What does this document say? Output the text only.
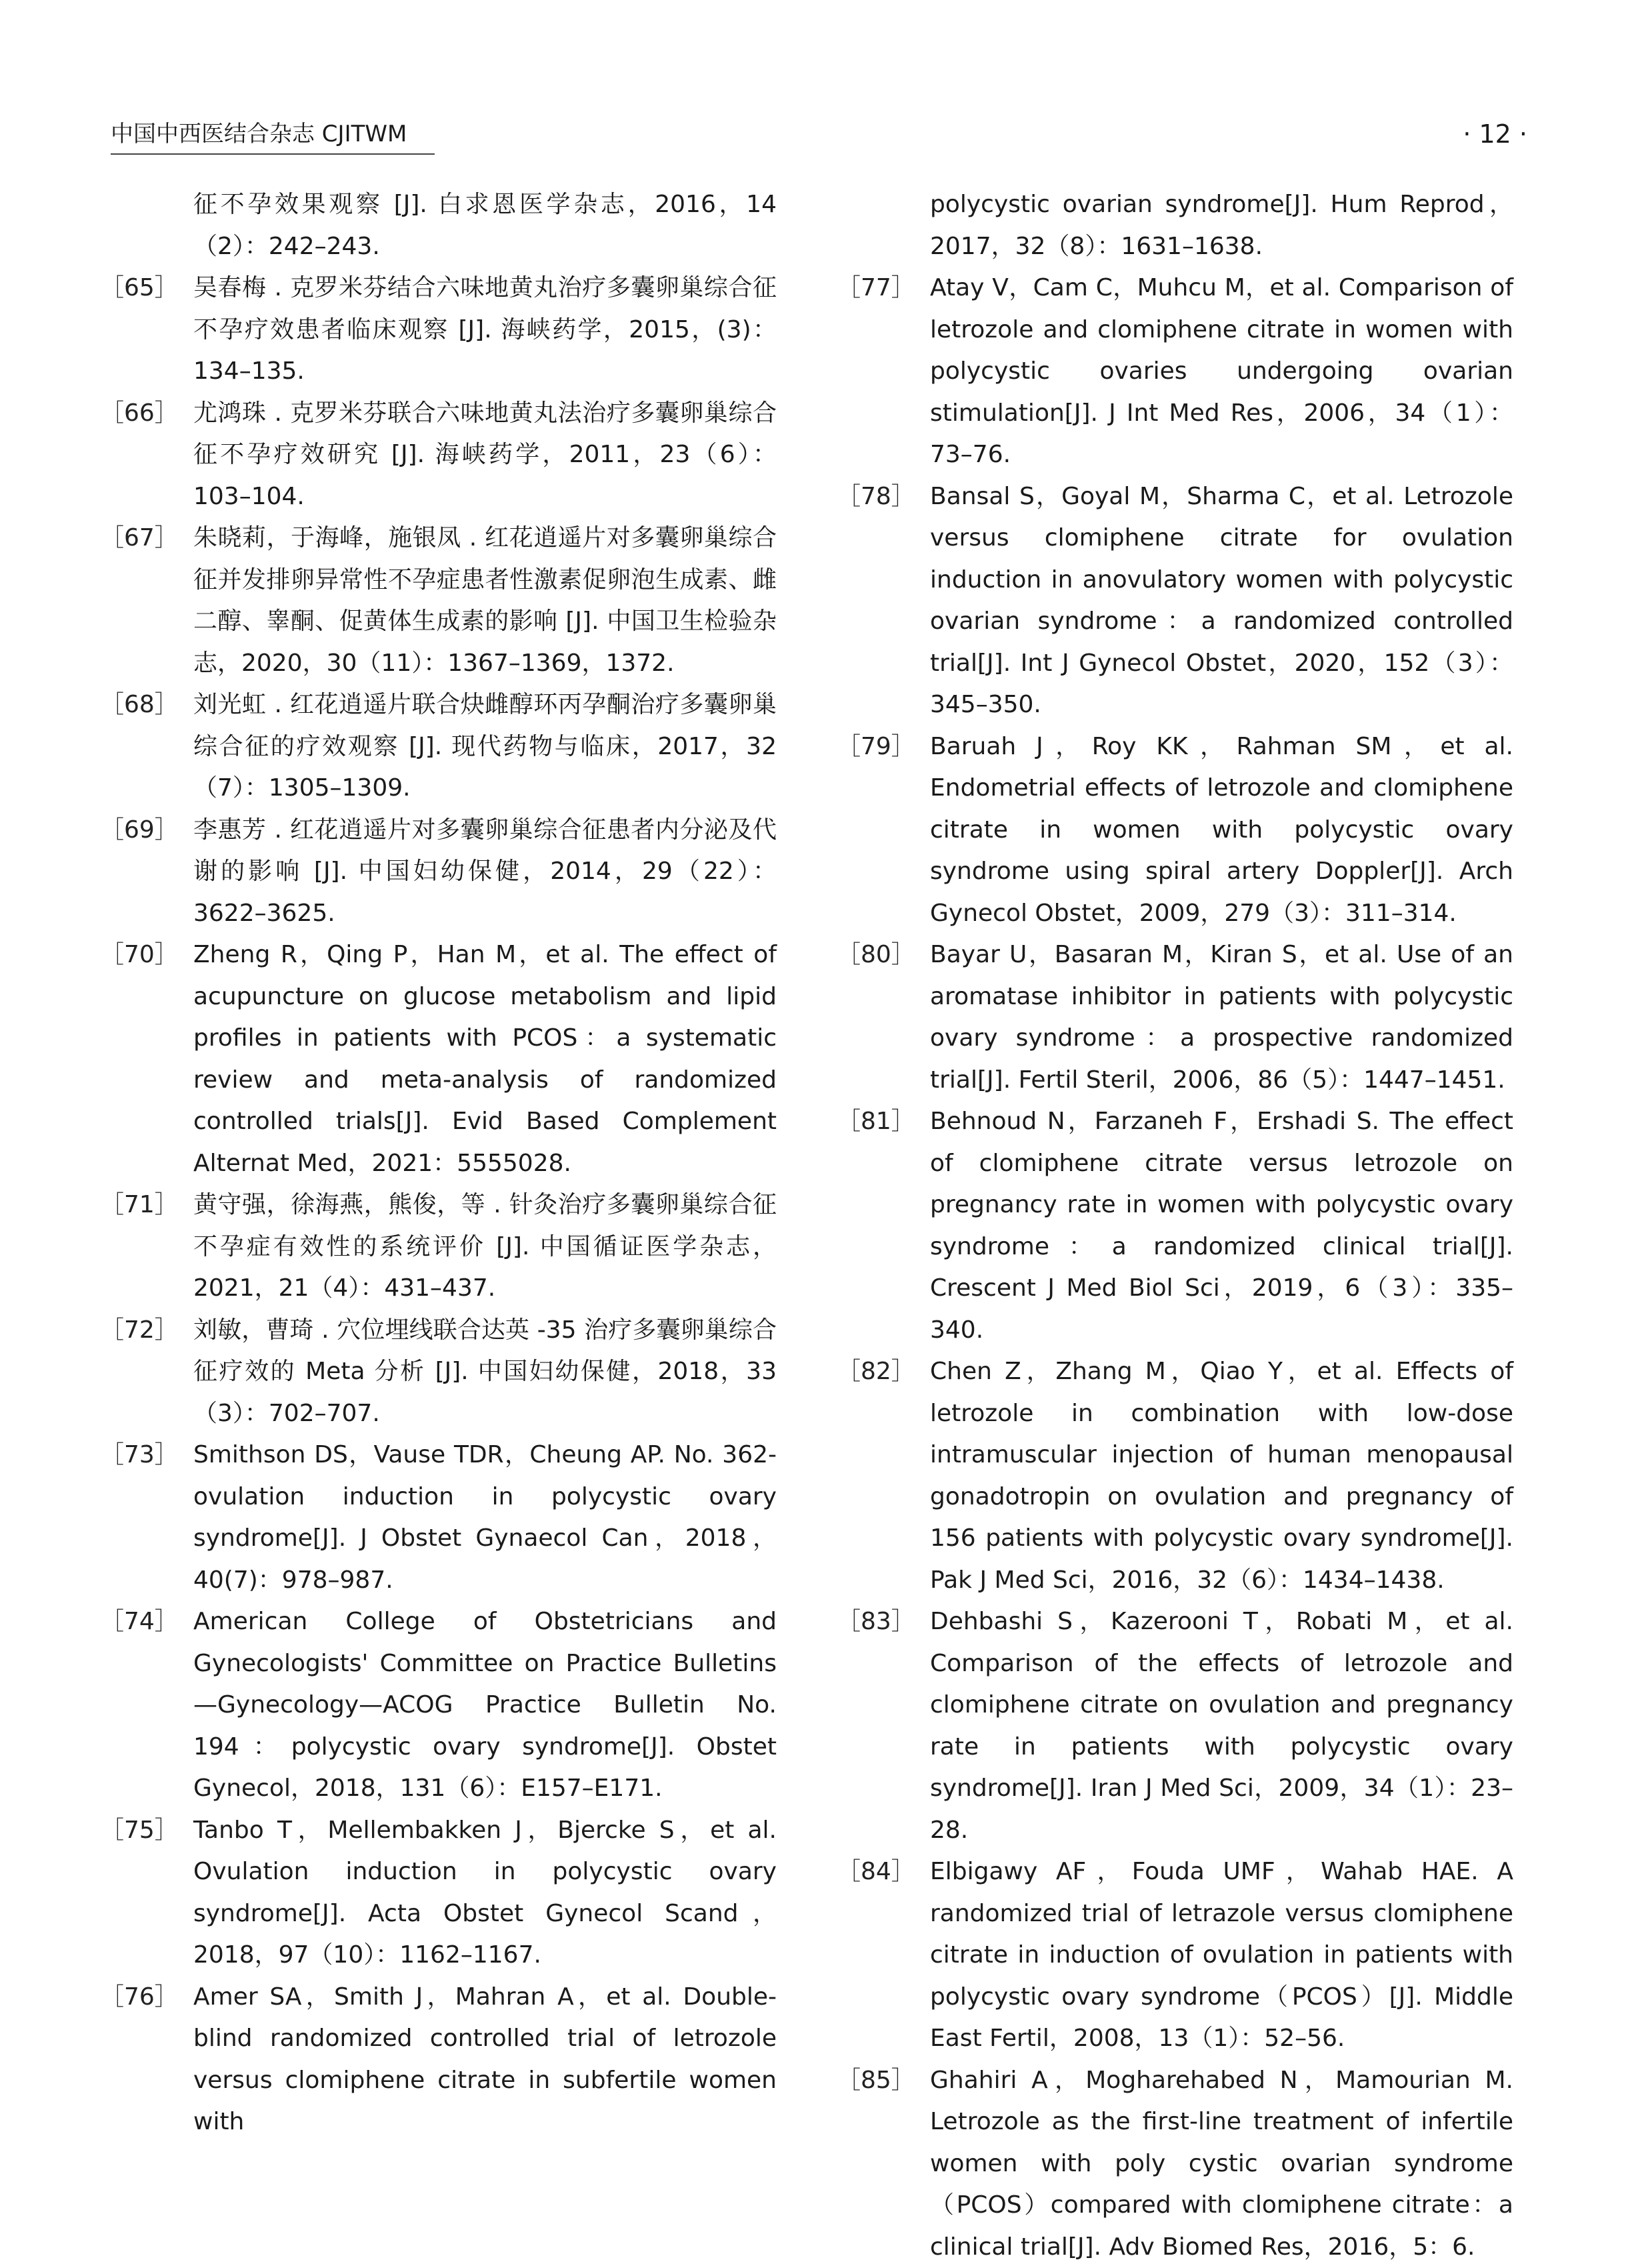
中国中西医结合杂志 CJITWM	· 12 ·
征不孕效果观察 [J]. 白求恩医学杂志，2016，14（2）：242–243.
［65］ 吴春梅 . 克罗米芬结合六味地黄丸治疗多囊卵巢综合征不孕疗效患者临床观察 [J]. 海峡药学，2015，(3)：134–135.
［66］ 尤鸿珠 . 克罗米芬联合六味地黄丸法治疗多囊卵巢综合征不孕疗效研究 [J]. 海峡药学，2011，23（6）：103–104.
［67］ 朱晓莉，于海峰，施银凤 . 红花逍遥片对多囊卵巢综合征并发排卵异常性不孕症患者性激素促卵泡生成素、雌二醇、睾酮、促黄体生成素的影响 [J]. 中国卫生检验杂志，2020，30（11）：1367–1369，1372.
［68］ 刘光虹 . 红花逍遥片联合炔雌醇环丙孕酮治疗多囊卵巢综合征的疗效观察 [J]. 现代药物与临床，2017，32（7）：1305–1309.
［69］ 李惠芳 . 红花逍遥片对多囊卵巢综合征患者内分泌及代谢的影响 [J]. 中国妇幼保健，2014，29（22）：3622–3625.
［70］ Zheng R，Qing P，Han M，et al. The effect of acupuncture on glucose metabolism and lipid profiles in patients with PCOS：a systematic review and meta-analysis of randomized controlled trials[J]. Evid Based Complement Alternat Med，2021：5555028.
［71］ 黄守强，徐海燕，熊俊，等 . 针灸治疗多囊卵巢综合征不孕症有效性的系统评价 [J]. 中国循证医学杂志，2021，21（4）：431–437.
［72］ 刘敏，曹琦 . 穴位埋线联合达英 -35 治疗多囊卵巢综合征疗效的 Meta 分析 [J]. 中国妇幼保健，2018，33（3）：702–707.
［73］ Smithson DS，Vause TDR，Cheung AP. No. 362-ovulation induction in polycystic ovary syndrome[J]. J Obstet Gynaecol Can，2018，40(7)：978–987.
［74］ American College of Obstetricians and Gynecologists' Committee on Practice Bulletins—Gynecology—ACOG Practice Bulletin No. 194：polycystic ovary syndrome[J]. Obstet Gynecol，2018，131（6）：E157–E171.
［75］ Tanbo T，Mellembakken J，Bjercke S，et al. Ovulation induction in polycystic ovary syndrome[J]. Acta Obstet Gynecol Scand，2018，97（10）：1162–1167.
［76］ Amer SA，Smith J，Mahran A，et al. Double-blind randomized controlled trial of letrozole versus clomiphene citrate in subfertile women with
polycystic ovarian syndrome[J]. Hum Reprod，2017，32（8）：1631–1638.
［77］ Atay V，Cam C，Muhcu M，et al. Comparison of letrozole and clomiphene citrate in women with polycystic ovaries undergoing ovarian stimulation[J]. J Int Med Res，2006，34（1）：73–76.
［78］ Bansal S，Goyal M，Sharma C，et al. Letrozole versus clomiphene citrate for ovulation induction in anovulatory women with polycystic ovarian syndrome：a randomized controlled trial[J]. Int J Gynecol Obstet，2020，152（3）：345–350.
［79］ Baruah J，Roy KK，Rahman SM，et al. Endometrial effects of letrozole and clomiphene citrate in women with polycystic ovary syndrome using spiral artery Doppler[J]. Arch Gynecol Obstet，2009，279（3）：311–314.
［80］ Bayar U，Basaran M，Kiran S，et al. Use of an aromatase inhibitor in patients with polycystic ovary syndrome：a prospective randomized trial[J]. Fertil Steril，2006，86（5）：1447–1451.
［81］ Behnoud N，Farzaneh F，Ershadi S. The effect of clomiphene citrate versus letrozole on pregnancy rate in women with polycystic ovary syndrome：a randomized clinical trial[J]. Crescent J Med Biol Sci，2019，6（3）：335–340.
［82］ Chen Z，Zhang M，Qiao Y，et al. Effects of letrozole in combination with low-dose intramuscular injection of human menopausal gonadotropin on ovulation and pregnancy of 156 patients with polycystic ovary syndrome[J]. Pak J Med Sci，2016，32（6）：1434–1438.
［83］ Dehbashi S，Kazerooni T，Robati M，et al. Comparison of the effects of letrozole and clomiphene citrate on ovulation and pregnancy rate in patients with polycystic ovary syndrome[J]. Iran J Med Sci，2009，34（1）：23–28.
［84］ Elbigawy AF，Fouda UMF，Wahab HAE. A randomized trial of letrazole versus clomiphene citrate in induction of ovulation in patients with polycystic ovary syndrome（PCOS）[J]. Middle East Fertil，2008，13（1）：52–56.
［85］ Ghahiri A，Mogharehabed N，Mamourian M. Letrozole as the first-line treatment of infertile women with poly cystic ovarian syndrome（PCOS）compared with clomiphene citrate：a clinical trial[J]. Adv Biomed Res，2016，5：6.
